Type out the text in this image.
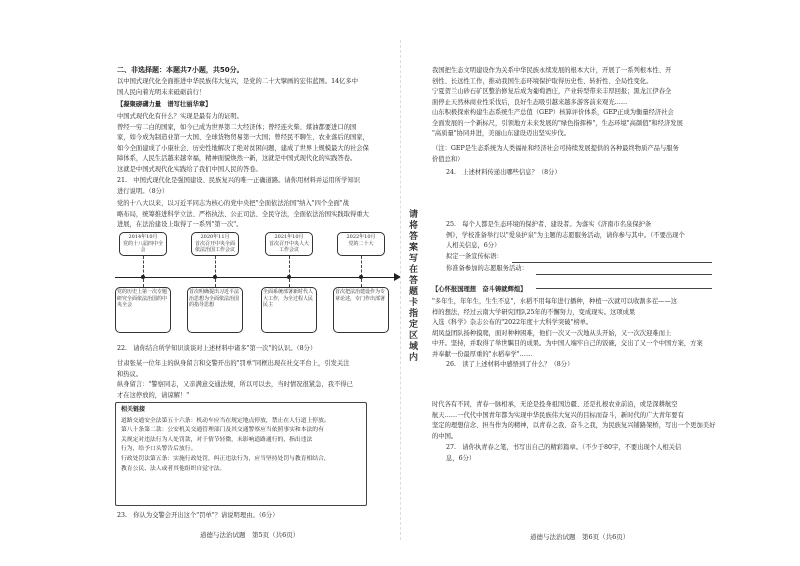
二、非选择题：本题共7小题，共50分。
以中国式现代化全面推进中华民族伟大复兴，是党的二十大擘画的宏伟蓝图。14亿多中
国人民向着光明未来砥砺前行！
【凝聚磅礴力量　谱写壮丽华章】
中国式现代化有什么？实现是最有力的证明。
曾经一穷二白的国家，如今已成为世界第二大经济体；曾经连火柴、煤油都要进口的国
家，如今成为制造业第一大国、全球货物贸易第一大国；曾经民不聊生、农业落后的国家，
如今全面建成了小康社会、历史性地解决了绝对贫困问题，建成了世界上规模最大的社会保
障体系，人民生活越来越幸福，精神面貌焕然一新，这就是中国式现代化的实践答卷。
这就是中国式现代化实践给了我们中国人民的答卷。
21.　中国式现代化是强国建设、民族复兴的唯一正确道路。请你用材料并运用所学知识
进行说明。（8分）
党的十八大以来，以习近平同志为核心的党中央把"全面依法治国"纳入"四个全面"战
略布局，统筹推进科学立法、严格执法、公正司法、全民守法，全面依法治国实践取得重大
进展，在法治建设上取得了一系列"第一次"。
2014年10月
党的十八届四中全会
党的历史上第一次专题研究全面依法治国的中央全会
2020年11月
首次召开中央全面依法治国工作会议
首次明确提出习近平法治思想为全面依法治国的指导思想
2021年10月
首次召开中央人大工作会议
全面系统部署新时代人大工作，为全过程人民民主
2022年10月
党的二十大
首次把法治建设作为专章论述，专门作出部署
22.　请你结合所学知识谈谈对上述材料中诸多"第一次"的认识。（8分）
甘肃张某一位年主的纵身留言和交警开出的"罚单"同框出现在社交平台上，引发关注
和热议。
纵身留言："警察同志，又亲满意交通法规，所以可以去，当时情况很紧急，我不得已
才在这停放的，请谅解！"
相关链接
道路交通安全法第五十六条：机动车应当在规定地点停放，禁止在人行道上停放。
第八十条第二款：公安机关交通管理部门及其交通警察应当依照事实和本法的有
关规定对违法行为人处罚款，对于情节轻微，未影响道路通行的，指出违法
行为，给予口头警告后放行。
行政处罚法第五条：实施行政处罚，纠正违法行为，应当坚持处罚与教育相结合，
教育公民、法人或者其他组织自觉守法。
23.　你认为交警会开出这个"罚单"？请说明理由。（6分）
道德与法治试题　第5页（共6页）
请将答案写在答题卡指定区域内
我国把生态文明建设作为关系中华民族永续发展的根本大计，开展了一系列根本性、开
创性、长远性工作，推动我国生态环境保护取得历史性、转折性、全局性变化。
宁夏贺兰山砂石矿区整治修复后成为葡萄酒庄，产业转型带来丰厚回报；黑龙江伊春全
面停止天然林商业性采伐后，良好生态吸引越来越多游客前来观光……
山东积极探索构建生态系统生产总值（GEP）核算评价体系，GEP正成为衡量经济社会
全面发展的一个新标尺，引领地方未来发展的"绿色指挥棒"，生态环境"高颜值"和经济发展
"高质量"协同并进，美丽山东建设迈出坚实步伐。
（注：GEP是生态系统为人类福祉和经济社会可持续发展提供的各种最终物质产品与服务
价值总和）
24.　上述材料传递出哪些信息？（8分）
25.　每个人都是生态环境的保护者、建设者。为落实《济南市名泉保护条
例》，学校准备举行以"爱泉护泉"为主题的志愿服务活动，请你参与其中。（不要出现个
人相关信息，6分）
拟定一条宣传标语：
你准备参加的志愿服务活动：
【心怀报国理想　奋斗铸就辉煌】
"多年生，年年生，生生不息"，水稻不用每年进行播种，种植一次就可以收割多茬——这
样的想法，经过云南大学研究团队25年的不懈努力，变成现实。这项成果
入选《科学》杂志公布的"2022年度十大科学突破"榜单。
胡凤益团队扬种摸爬，面对种种困难，他们一次又一次地从头开始，又一次次迎难而上
中开。坚持，并取得了举世瞩目的成果。为中国人端牢自己的饭碗，交出了又一个中国方案，方案
并奉献一份最厚重的"水稻奉学"……
26.　读了上述材料中感悟到了什么？（8分）
时代各有不同，青春一脉相承，无论是投身祖国边疆、还是扎根农业前沿，或是深耕航空
航天……一代代中国青年都为实现中华民族伟大复兴的目标而奋斗，新时代的广大青年要有
坚定的理想信念、担当作为的精神，以青春之我、奋斗之我，为民族复兴铺路架桥，写出一个更加美好
的中国。
27.　请你执青春之笔，书写出自己的精彩篇章。（不少于80字，不要出现个人相关信
息，6分）
道德与法治试题　第6页（共6页）
